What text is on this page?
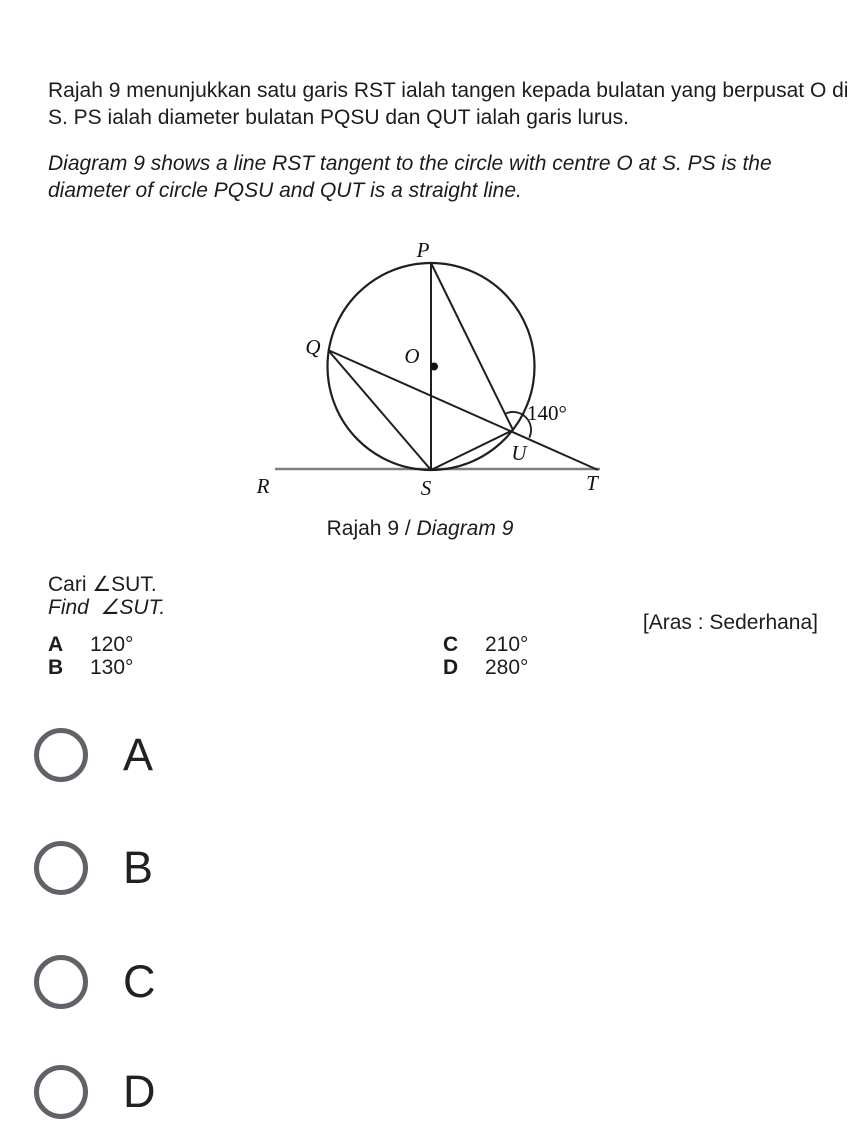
Rajah 9 menunjukkan satu garis RST ialah tangen kepada bulatan yang berpusat O di
S. PS ialah diameter bulatan PQSU dan QUT ialah garis lurus.
Diagram 9 shows a line RST tangent to the circle with centre O at S. PS is the
diameter of circle PQSU and QUT is a straight line.
P
Q	O
U
S
R	T
140°
Rajah 9 / Diagram 9
Cari ∠SUT.
Find  ∠SUT.
[Aras : Sederhana]
A 120°
B 130°
C 210°
D 280°
A
B
C
D
